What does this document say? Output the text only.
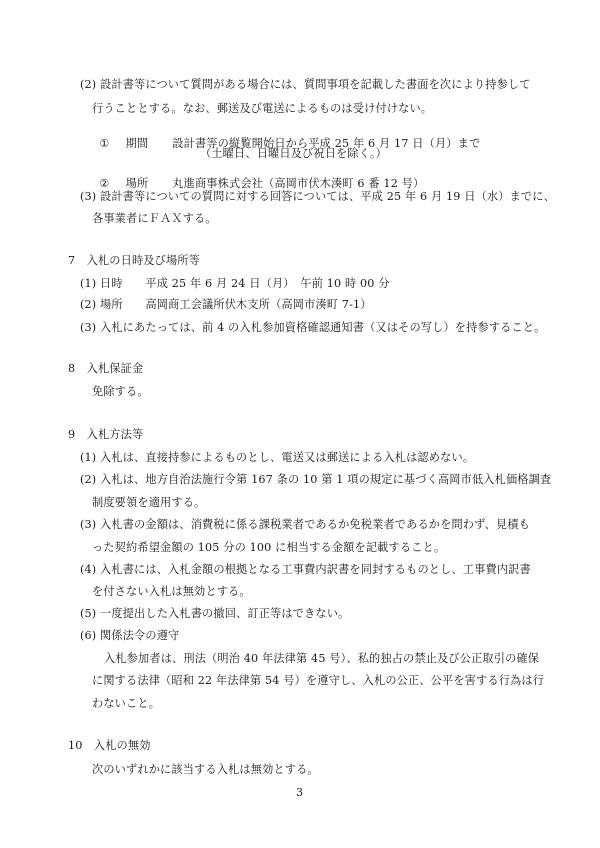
(2) 設計書等について質問がある場合には、質問事項を記載した書面を次により持参して
行うこととする。なお、郵送及び電送によるものは受け付けない。

① 期間 設計書等の縦覧開始日から平成 25 年 6 月 17 日（月）まで

（土曜日、日曜日及び祝日を除く。）

② 場所 丸進商事株式会社（高岡市伏木湊町 6 番 12 号）

(3) 設計書等についての質問に対する回答については、平成 25 年 6 月 19 日（水）までに、
各事業者にＦＡＸする。
7　入札の日時及び場所等
(1) 日時　　平成 25 年 6 月 24 日（月）　午前 10 時 00 分
(2) 場所　　高岡商工会議所伏木支所（高岡市湊町 7-1）
(3) 入札にあたっては、前 4 の入札参加資格確認通知書（又はその写し）を持参すること。
8　入札保証金
免除する。
9　入札方法等
(1) 入札は、直接持参によるものとし、電送又は郵送による入札は認めない。
(2) 入札は、地方自治法施行令第 167 条の 10 第 1 項の規定に基づく高岡市低入札価格調査
制度要領を適用する。
(3) 入札書の金額は、消費税に係る課税業者であるか免税業者であるかを問わず、見積も
った契約希望金額の 105 分の 100 に相当する金額を記載すること。
(4) 入札書には、入札金額の根拠となる工事費内訳書を同封するものとし、工事費内訳書
を付さない入札は無効とする。
(5) 一度提出した入札書の撤回、訂正等はできない。
(6) 関係法令の遵守
入札参加者は、刑法（明治 40 年法律第 45 号）、私的独占の禁止及び公正取引の確保
に関する法律（昭和 22 年法律第 54 号）を遵守し、入札の公正、公平を害する行為は行
わないこと。
10　入札の無効
次のいずれかに該当する入札は無効とする。
3
